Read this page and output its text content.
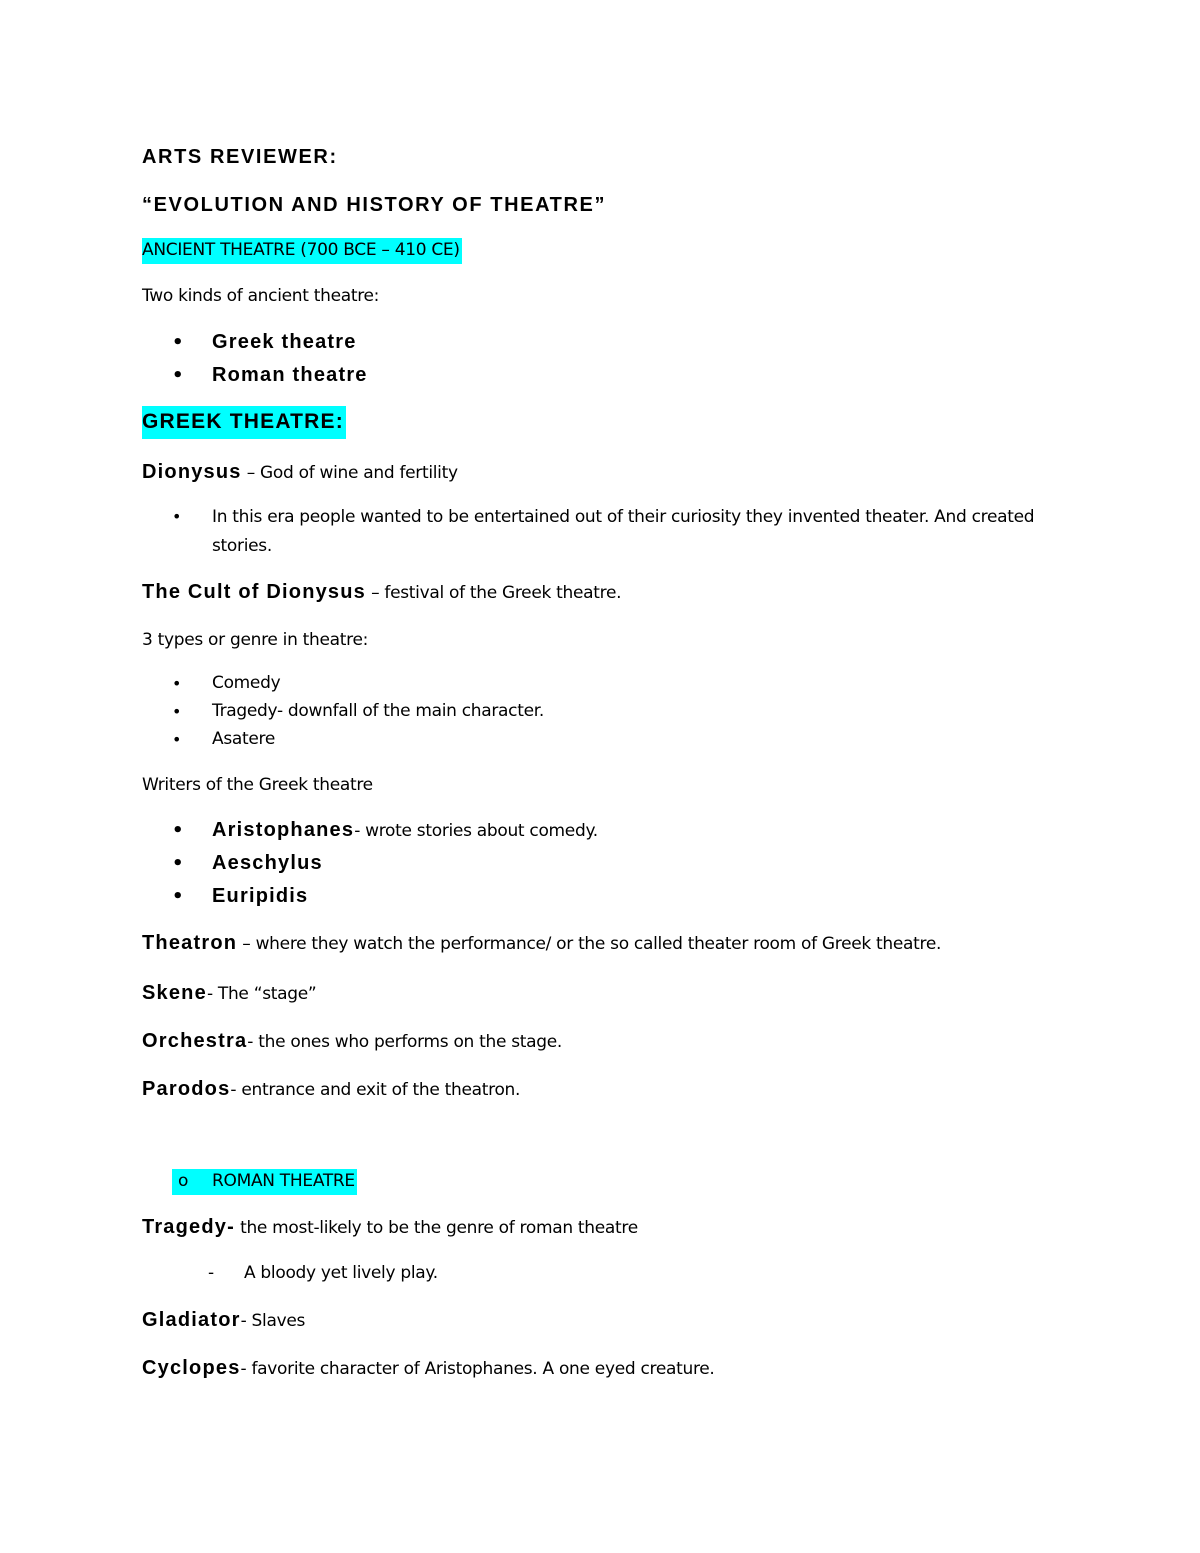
ARTS REVIEWER:
“EVOLUTION AND HISTORY OF THEATRE”
ANCIENT THEATRE (700 BCE – 410 CE)
Two kinds of ancient theatre:
• Greek theatre
• Roman theatre
GREEK THEATRE:
Dionysus – God of wine and fertility
•	In this era people wanted to be entertained out of their curiosity they invented theater. And created stories.
The Cult of Dionysus – festival of the Greek theatre.
3 types or genre in theatre:
• Comedy
• Tragedy- downfall of the main character.
• Asatere
Writers of the Greek theatre
• Aristophanes- wrote stories about comedy.
• Aeschylus
• Euripidis
Theatron – where they watch the performance/ or the so called theater room of Greek theatre.
Skene- The “stage”
Orchestra- the ones who performs on the stage.
Parodos- entrance and exit of the theatron.
o ROMAN THEATRE
Tragedy- the most-likely to be the genre of roman theatre
- A bloody yet lively play.
Gladiator- Slaves
Cyclopes- favorite character of Aristophanes. A one eyed creature.
